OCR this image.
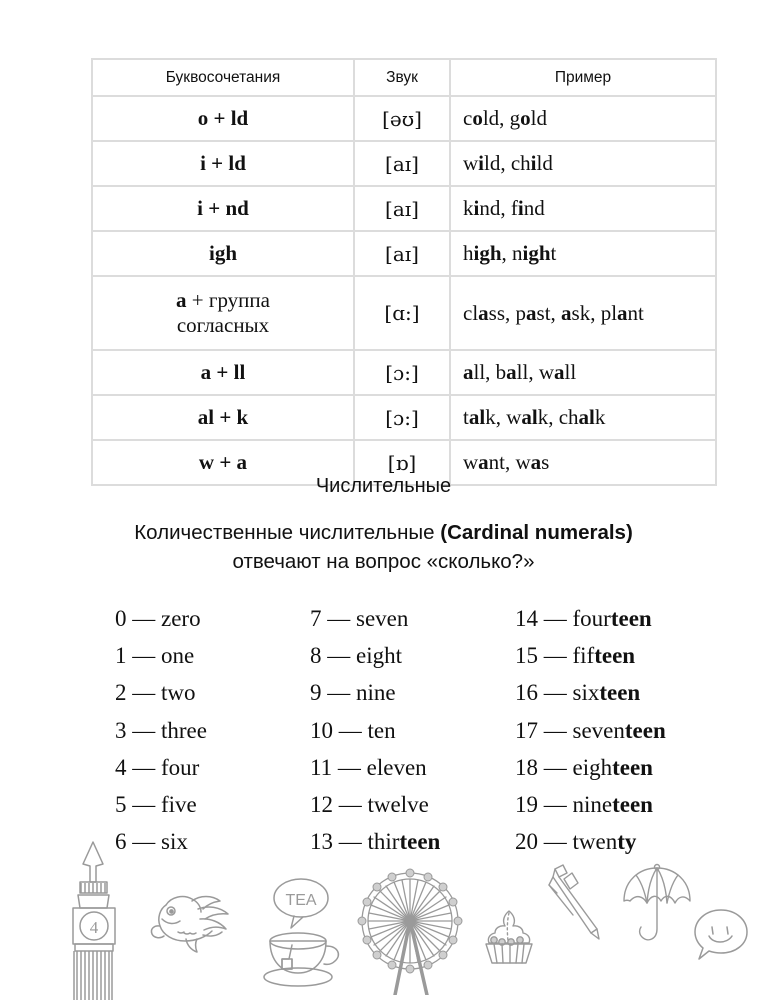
Буквосочетания	Звук	Пример
o + ld	[əʊ]	cold, gold
i + ld	[aɪ]	wild, child
i + nd	[aɪ]	kind, find
igh	[aɪ]	high, night
a + группа
согласных	[ɑ:]	class, past, ask, plant
a + ll	[ɔ:]	all, ball, wall
al + k	[ɔ:]	talk, walk, chalk
w + a	[ɒ]	want, was
Числительные
Количественные числительные (Cardinal numerals)
отвечают на вопрос «сколько?»
0 — zero
1 — one
2 — two
3 — three
4 — four
5 — five
6 — six
7 — seven
8 — eight
9 — nine
10 — ten
11 — eleven
12 — twelve
13 — thirteen
14 — fourteen
15 — fifteen
16 — sixteen
17 — seventeen
18 — eighteen
19 — nineteen
20 — twenty
4
TEA
